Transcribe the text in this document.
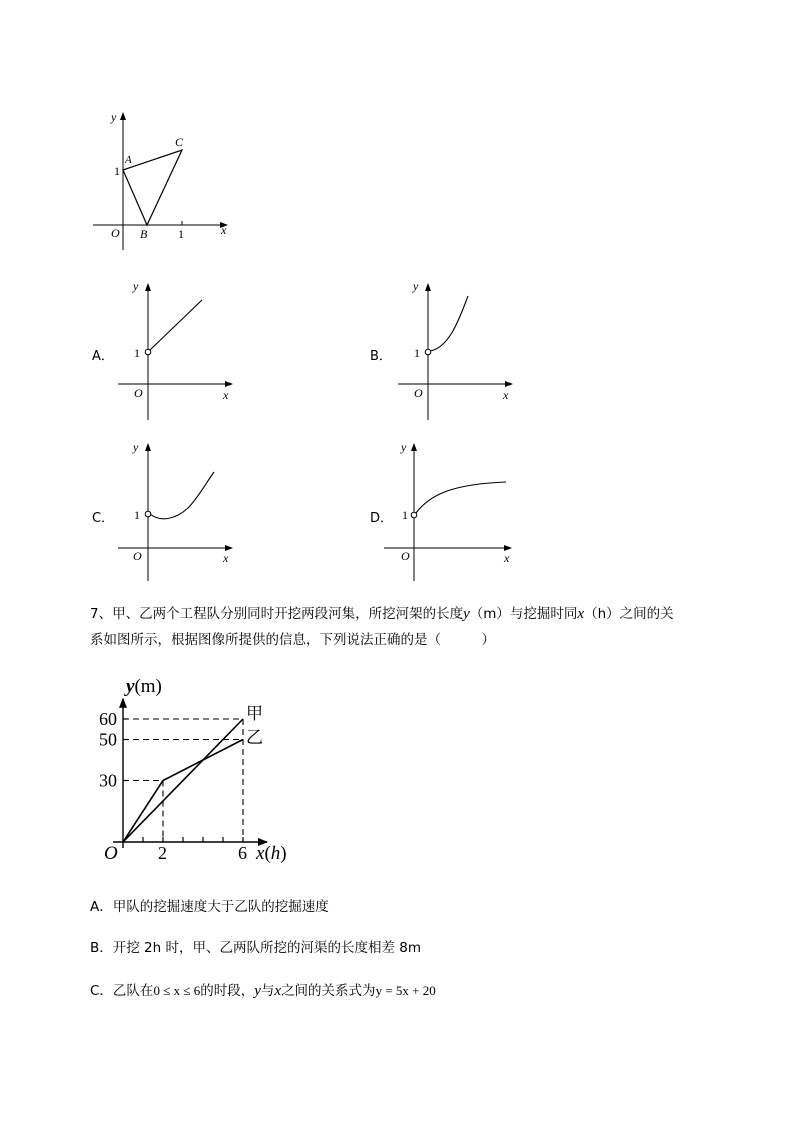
y
x
O
1
1
A
B
C
A．
y
x
O
1	B．
y
x
O
1
C．
y
x
O
1	D．
y
x
O
1
7、甲、乙两个工程队分别同时开挖两段河集，所挖河架的长度y（m）与挖掘时同x（h）之间的关
系如图所示，根据图像所提供的信息，下列说法正确的是（　　　）
30
50
60
2	6
y(m)
x(h)
O
甲
乙
A．甲队的挖掘速度大于乙队的挖掘速度
B．开挖 2h 时，甲、乙两队所挖的河渠的长度相差 8m
C．乙队在0 ≤ x ≤ 6的时段，y与x之间的关系式为y = 5x + 20
